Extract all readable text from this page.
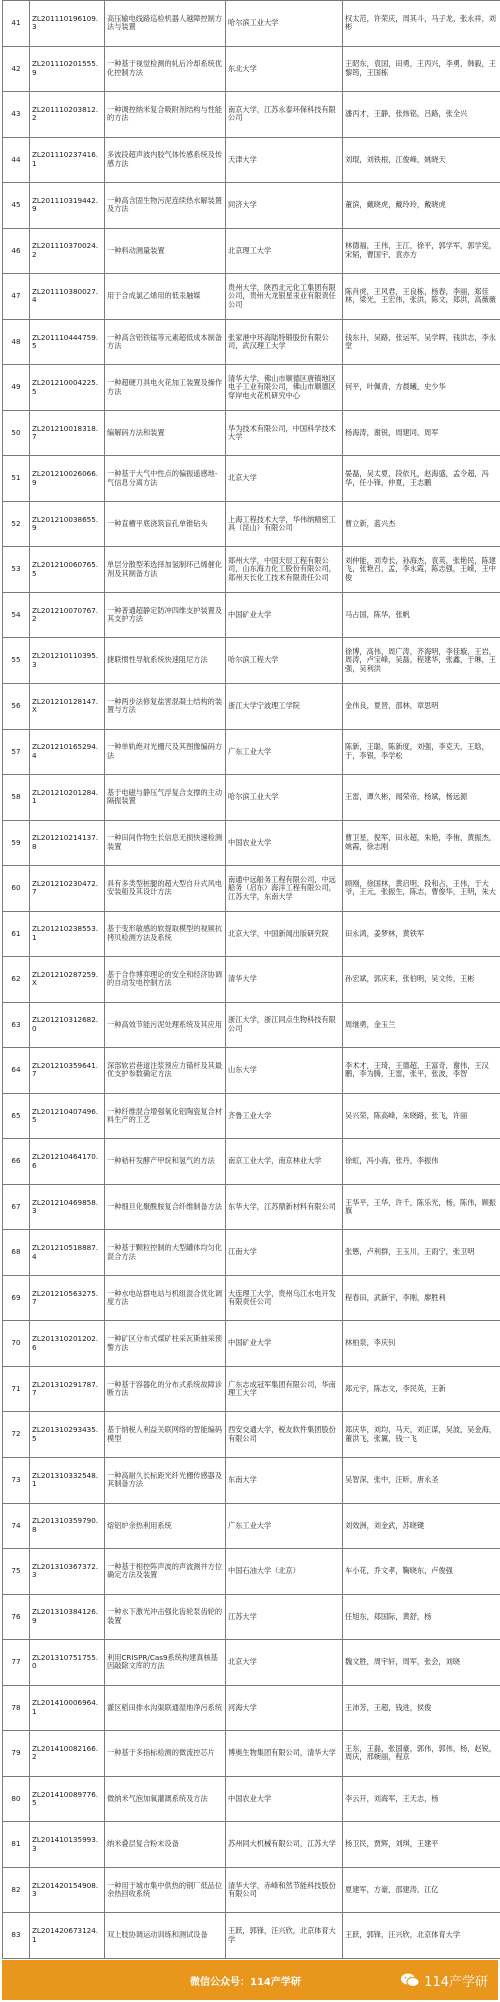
41	ZL201110196109.3	高压输电线路巡检机器人越障控制方法与装置	哈尔滨工业大学	权太范，许荣庆，周其斗，马子龙，张永祥，刘彬
42	ZL201110201555.9	一种基于视觉检测的轧后冷却系统优化控制方法	东北大学	王昭东，袁国，田勇，王丙兴，李勇，韩毅，王黎筠，王国栋
43	ZL201110203812.2	一种调控纳米复合吸附剂结构与性能的方法	南京大学，江苏永泰环保科技有限公司	潘丙才，王静，张炜铭，吕路，张全兴
44	ZL201110237416.1	多波段超声波内胶气体传感系统及传感方法	天津大学	刘琨，刘铁根，江俊峰，姚晓天
45	ZL201110319442.9	一种高含固生物污泥连续热水解装置及方法	同济大学	董滨，戴晓虎，戴玲玲，戴晓虎
46	ZL201110370024.2	一种料动测量装置	北京理工大学	林德福，王伟，王江，徐平，郭学军，郭学宪，宋韬，曹国宇，袁亦方
47	ZL201110380027.4	用于合成氯乙烯用的低汞触媒	贵州大学，陕西北元化工集团有限公司，贵州大龙银星汞业有限责任公司	陈肖虎，王风君，王良栋，杨春，李丽，郑佳林，梁光，王宏伟，张洪，陈文，郑洪，高薇薇
48	ZL201110444759.5	一种高含铝铁锰等元素超低成本制备方法	张家港中环海陆特锻股份有限公司，武汉理工大学	钱东升，吴路，张运军，吴学晖，钱洪志，李永堂
49	ZL201210004225.5	一种超硬刀具电火花加工装置及操作方法	清华大学，佛山市顺德区唐镇地区电子工业有限公司，佛山市顺德区穿岸电火花机研究中心	何平，叶佩青，方晨曦，史少华
50	ZL201210018318.7	编解码方法和装置	华为技术有限公司，中国科学技术大学	杨海涛，谢锐，周建同，周军
51	ZL201210026066.9	一种基于大气中性点的偏振遥感地-气信息分离方法	北京大学	晏磊，吴太夏，段依凡，赵海盛，孟令超，冯华，任小锋，仲夏，王志鹏
52	ZL201210038655.9	一种直槽平底浇筑盲孔单锥钻头	上海工程技术大学，华伟纳精密工具（昆山）有限公司	曹立新，蓝兴杰
53	ZL201210060765.5	单层分散型苯选择加氢制环己烯催化剂及其制备方法	郑州大学，中国天辰工程有限公司，山东海力化工股份有限公司，郑州天长化工技术有限责任公司	刘仲能，刘寿长，孙海杰，袁英，张艳民，陈建飞，张艳召，孟，李永霞，陈志强，王嵘，王中俊
54	ZL201210070767.2	一种普通超静定防冲四维支护装置及其支护方法	中国矿业大学	马占国，陈华，张帆
55	ZL201210110395.3	捷联惯性导航系统快速阻尼方法	哈尔滨工程大学	徐博，高伟，周广涛，齐海明，李佳璇，王岩，周涛，卢宝峰，吴磊，程建华，张鑫，于琳，王强，吴利洪
56	ZL201210128147.X	一种两步法修复盐害混凝土结构的装置与方法	浙江大学宁波理工学院	金伟良，夏晋，邵林，章思明
57	ZL201210165294.4	一种单轨绝对光栅尺及其图像编码方法	广东工业大学	陈新，王聪，陈新度，刘强，李克天，王晗，于，李银，李学松
58	ZL201210201284.1	基于电磁与静压气浮复合支撑的主动隔振装置	哈尔滨工业大学	王雷，谭久彬，闻荣帝，杨斌，杨远源
59	ZL201210214137.8	一种田间作物生长信息无损快速检测装置	中国农业大学	曹卫星，倪军，田永超，朱艳，李侑，黄振杰，姚霞，徐志刚
60	ZL201210230472.7	具有多类型桩腿的超大型自升式风电安装船及其设计方法	南通中远船务工程有限公司，中远船务（启东）海洋工程有限公司，江苏大学，东南大学	顾刚，徐国林，黄启明，段和占，王伟，于大爷，王元，张振生，陈志，曹俊华，王明，朱大
61	ZL201210238553.1	基于变形敏感的软提取模型的视频抗拷贝检测方法及系统	北京大学，中国新闻出版研究院	田永鸿，姜梦林，黄铁军
62	ZL201210287259.X	基于合作博弈理论的安全和经济协调的自动发电控制方法	清华大学	孙宏斌，郭庆来，张伯明，吴文传，王彬
63	ZL201210312682.0	一种高效节能污泥处理系统及其应用	浙江大学，浙江同点生物科技有限公司	周继勇，金玉兰
64	ZL201210359641.7	深部软岩巷道注浆预应力锚杆及其最优支护参数确定方法	山东大学	李术才，王琦，王德超，王富奇，谢伟，王汉鹏，李为腾，王雷，张平，张波，李智
65	ZL201210407496.5	一种纤维混合增强氧化铝陶瓷复合材料生产的工艺	齐鲁工业大学	吴兴荣，陈高峰，朱晓路，张飞，许丽
66	ZL201210464170.6	一种秸秆发酵产甲烷和氢气的方法	南京工业大学，南京林业大学	徐虹，冯小海，张丹，李振伟
67	ZL201210469858.3	一种细旦化聚酰胺复合纤维制备方法	东华大学，江苏鼎新材料有限公司	王华平，王华，许千，陈乐光，杨，陈伟，顾振旗
68	ZL201210518887.4	一种基于颗粒控制的大型罐体均匀化混合方法	江南大学	张慜，卢利群，王玉川，王雨宁，张卫明
69	ZL201210563275.7	一种水电站群电站与机组混合优化调度方法	大连理工大学，贵州乌江水电开发有限责任公司	程春田，武新宇，李刚，廖胜利
70	ZL201310201202.6	一种矿区分布式煤矿柱采瓦斯抽采预警方法	中国矿业大学	林柏泉，李庆钊
71	ZL201310291787.7	一种基于容器化的分布式系统故障诊断方法	广东志成冠军集团有限公司，华南理工大学	郑元宇，陈志文，李民英，王新
72	ZL201310293435.5	基于纳税人利益关联网络的智能编码模型	西安交通大学，税友软件集团股份有限公司	郑庆华，刘均，马天，刘正谋，吴波，吴金海，董洪飞，张翼，钱一飞
73	ZL201310332548.1	一种高耐久长标距光纤光栅传感器及其制备方法	东南大学	吴智深，张中，汪昕，唐永圣
74	ZL201310359790.8	熔铝炉余热利用系统	广东工业大学	刘效洲，刘金武，苏晓键
75	ZL201310367372.3	一种基于相控阵声波的声波测井方位确定方法及装置	中国石油大学（北京）	车小花，乔文孝，鞠晓东，卢俊强
76	ZL201310384126.9	一种水下激光冲击强化齿轮泵齿轮的装置	江苏大学	任旭东，郑国际，黄舒，杨
77	ZL201310751755.0	利用CRISPR/Cas9系统构建真核基因敲除文库的方法	北京大学	魏文胜，周宇轩，周军，张会，刘晓
78	ZL201410006964.1	灌区稻田排水沟渠联通湿地净污系统	河海大学	王沛芳，王超，钱进，侯俊
79	ZL201410082166.2	一种基于多指标检测的微流控芯片	博奥生物集团有限公司，清华大学	王东，王磊，张国豪，郭伟，郭伟，杨，赵锐，周庆，邢婉丽，程京
80	ZL201410089776.5	微纳米气泡加氧灌溉系统及方法	中国农业大学	李云开，刘海军，王天志，杨
81	ZL201410135993.3	纳米叠层复合粉末设备	苏州同大机械有限公司，江苏大学	杨卫民，贾辉，刘琪，王建平
82	ZL201420154908.3	一种用于城市集中供热的钢厂低品位余热回收系统	清华大学，赤峰和然节能科技股份有限公司	夏建军，方豪，邵建涛，江亿
83	ZL201420673124.1	双上肢协调运动训练和测试设备	王跃，郭锋，汪兴欣，北京体育大学	王跃，郭锋，汪兴欣，北京体育大学
微信公众号：114产学研	114产学研
